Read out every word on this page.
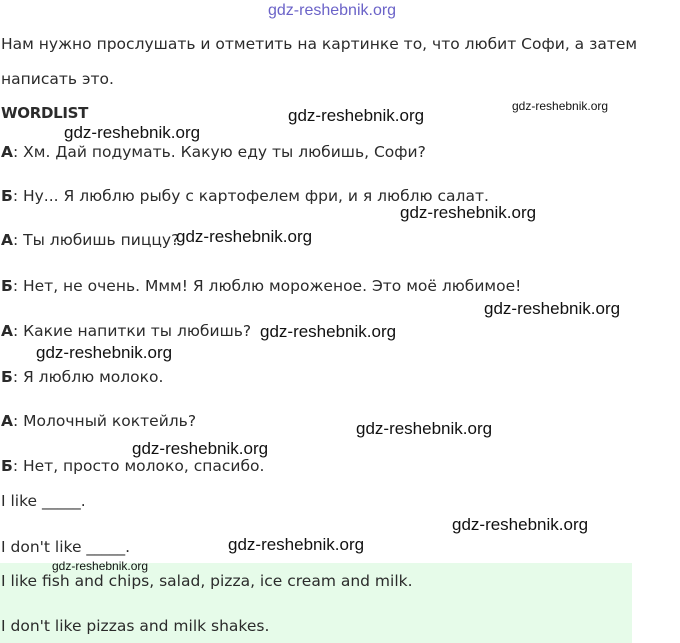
gdz-reshebnik.org
Нам нужно прослушать и отметить на картинке то, что любит Софи, а затем
написать это.
WORDLIST
А: Хм. Дай подумать. Какую еду ты любишь, Софи?
Б: Ну... Я люблю рыбу с картофелем фри, и я люблю салат.
А: Ты любишь пиццу?
Б: Нет, не очень. Ммм! Я люблю мороженое. Это моё любимое!
А: Какие напитки ты любишь?
Б: Я люблю молоко.
А: Молочный коктейль?
Б: Нет, просто молоко, спасибо.
I like _____.
I don't like _____.
I like fish and chips, salad, pizza, ice cream and milk.
I don't like pizzas and milk shakes.
gdz-reshebnik.org
gdz-reshebnik.org
gdz-reshebnik.org
gdz-reshebnik.org
gdz-reshebnik.org
gdz-reshebnik.org
gdz-reshebnik.org
gdz-reshebnik.org
gdz-reshebnik.org
gdz-reshebnik.org
gdz-reshebnik.org
gdz-reshebnik.org
gdz-reshebnik.org
